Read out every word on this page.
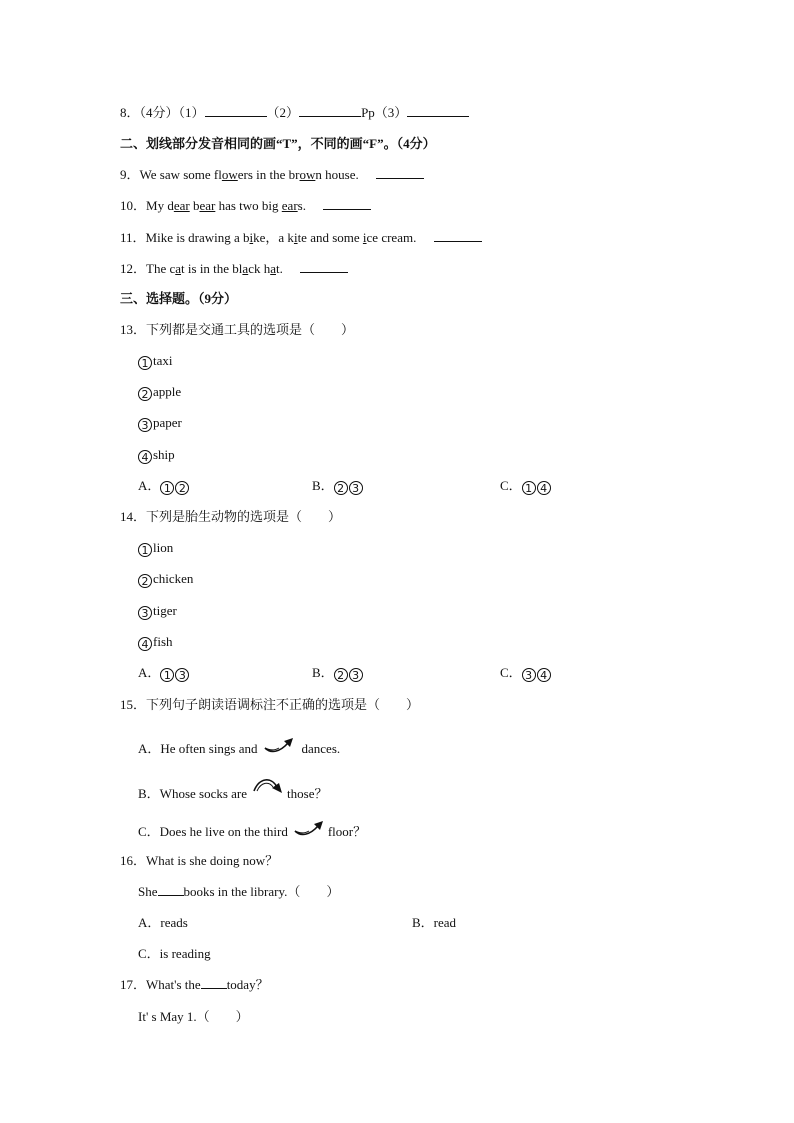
8．（4分）（1）	（2）	Pp（3）
二、划线部分发音相同的画“T”，不同的画“F”。（4分）
9．We saw some flowers in the brown house.
10．My dear bear has two big ears.
11．Mike is drawing a bike，a kite and some ice cream.
12．The cat is in the black hat.
三、选择题。（9分）
13．下列都是交通工具的选项是（　　）
1 taxi
2 apple
3 paper
4 ship
A． 1 2	B． 2 3	C． 1 4
14．下列是胎生动物的选项是（　　）
1 lion
2 chicken
3 tiger
4 fish
A． 1 3	B． 2 3	C． 3 4
15．下列句子朗读语调标注不正确的选项是（　　）
A．He often sings and	dances.
B．Whose socks are	those？
C．Does he live on the third	floor？
16．What is she doing now？
She books in the library.（　　）
A．reads	B．read
C．is reading
17．What's the today？
It' s May 1.（　　）
